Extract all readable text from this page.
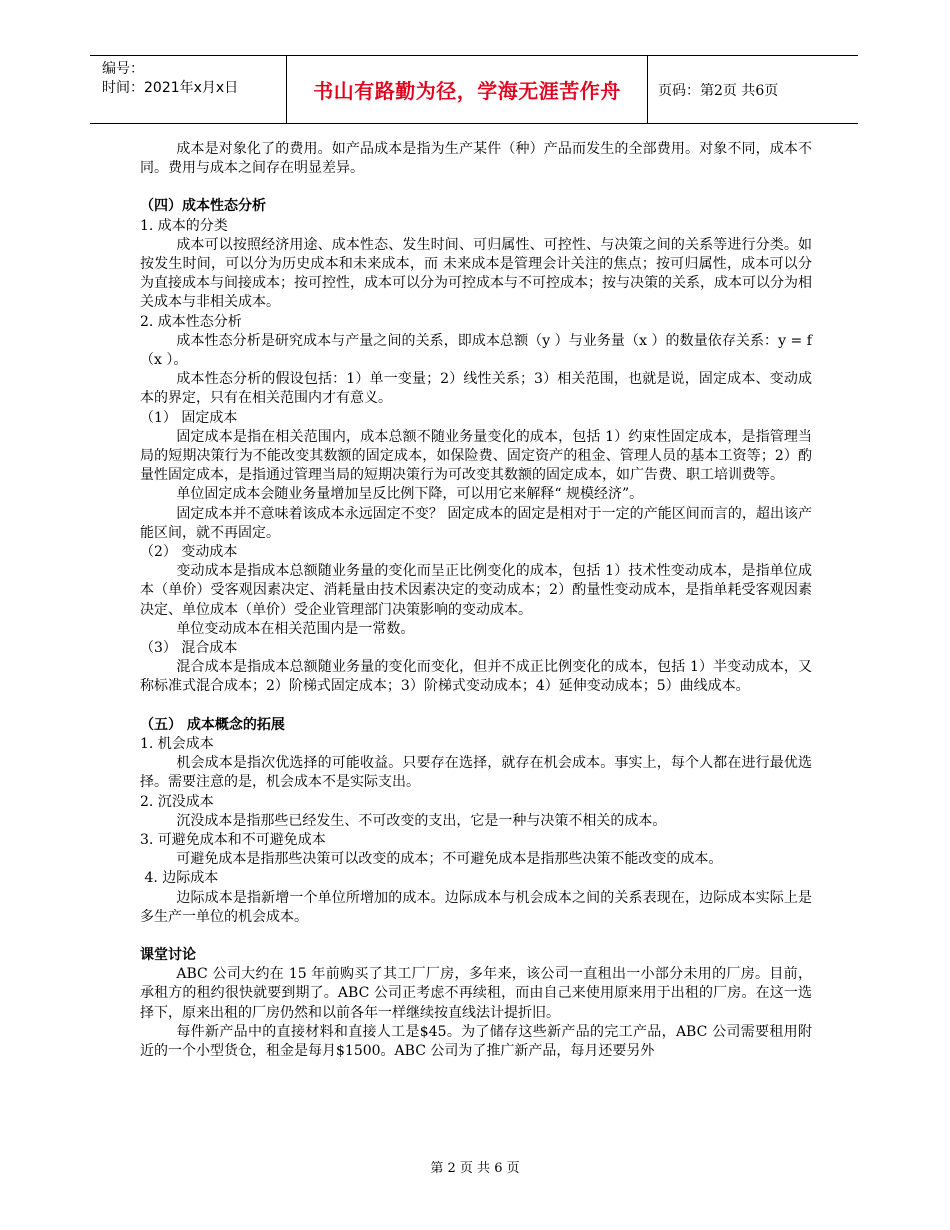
编号：
时间：2021年x月x日	书山有路勤为径，学海无涯苦作舟	页码：第2页 共6页

成本是对象化了的费用。如产品成本是指为生产某件（种）产品而发生的全部费用。对象不同，成本不同。费用与成本之间存在明显差异。

（四）成本性态分析

1. 成本的分类

成本可以按照经济用途、成本性态、发生时间、可归属性、可控性、与决策之间的关系等进行分类。如按发生时间，可以分为历史成本和未来成本，而 未来成本是管理会计关注的焦点；按可归属性，成本可以分为直接成本与间接成本；按可控性，成本可以分为可控成本与不可控成本；按与决策的关系，成本可以分为相关成本与非相关成本。

2. 成本性态分析

成本性态分析是研究成本与产量之间的关系，即成本总额（y ）与业务量（x ）的数量依存关系：y = f （x ）。

成本性态分析的假设包括：1）单一变量；2）线性关系；3）相关范围，也就是说，固定成本、变动成本的界定，只有在相关范围内才有意义。

（1） 固定成本

固定成本是指在相关范围内，成本总额不随业务量变化的成本，包括 1）约束性固定成本，是指管理当局的短期决策行为不能改变其数额的固定成本，如保险费、固定资产的租金、管理人员的基本工资等；2）酌量性固定成本，是指通过管理当局的短期决策行为可改变其数额的固定成本，如广告费、职工培训费等。

单位固定成本会随业务量增加呈反比例下降，可以用它来解释“ 规模经济”。

固定成本并不意味着该成本永远固定不变？ 固定成本的固定是相对于一定的产能区间而言的，超出该产能区间，就不再固定。

（2） 变动成本

变动成本是指成本总额随业务量的变化而呈正比例变化的成本，包括 1）技术性变动成本，是指单位成本（单价）受客观因素决定、消耗量由技术因素决定的变动成本；2）酌量性变动成本，是指单耗受客观因素决定、单位成本（单价）受企业管理部门决策影响的变动成本。

单位变动成本在相关范围内是一常数。

（3） 混合成本

混合成本是指成本总额随业务量的变化而变化，但并不成正比例变化的成本，包括 1）半变动成本，又称标准式混合成本；2）阶梯式固定成本；3）阶梯式变动成本；4）延伸变动成本；5）曲线成本。

（五） 成本概念的拓展

1. 机会成本

机会成本是指次优选择的可能收益。只要存在选择，就存在机会成本。事实上，每个人都在进行最优选择。需要注意的是，机会成本不是实际支出。

2. 沉没成本

沉没成本是指那些已经发生、不可改变的支出，它是一种与决策不相关的成本。

3. 可避免成本和不可避免成本

可避免成本是指那些决策可以改变的成本；不可避免成本是指那些决策不能改变的成本。

4. 边际成本

边际成本是指新增一个单位所增加的成本。边际成本与机会成本之间的关系表现在，边际成本实际上是多生产一单位的机会成本。

课堂讨论

ABC 公司大约在 15 年前购买了其工厂厂房，多年来，该公司一直租出一小部分未用的厂房。目前，承租方的租约很快就要到期了。ABC 公司正考虑不再续租，而由自己来使用原来用于出租的厂房。在这一选择下，原来出租的厂房仍然和以前各年一样继续按直线法计提折旧。

每件新产品中的直接材料和直接人工是$45。为了储存这些新产品的完工产品，ABC 公司需要租用附近的一个小型货仓，租金是每月$1500。ABC 公司为了推广新产品，每月还要另外

第 2 页 共 6 页
